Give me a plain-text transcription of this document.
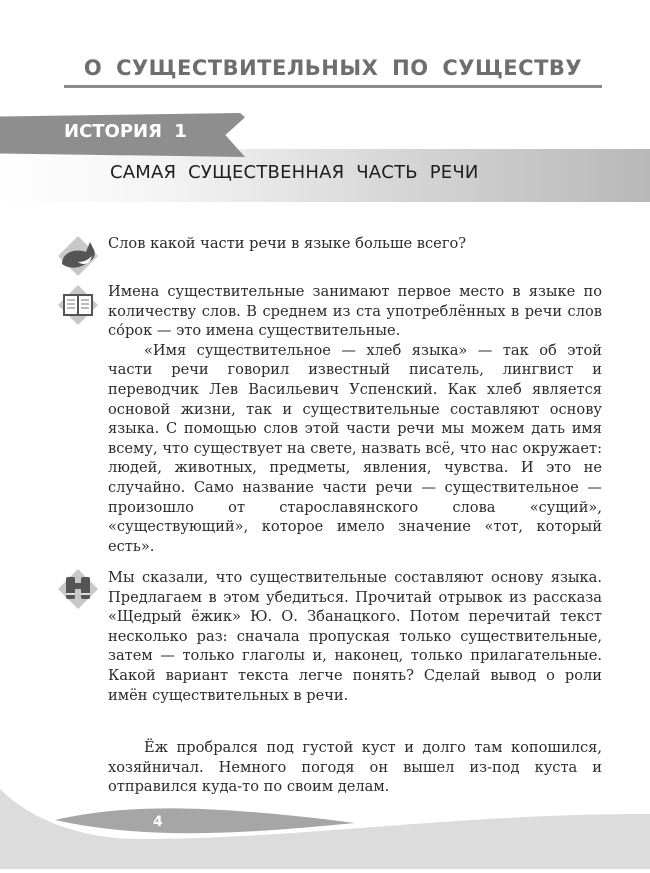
О СУЩЕСТВИТЕЛЬНЫХ ПО СУЩЕСТВУ
ИСТОРИЯ 1
САМАЯ СУЩЕСТВЕННАЯ ЧАСТЬ РЕЧИ

Слов какой части речи в языке больше всего?

Имена существительные занимают первое место в языке по количеству слов. В среднем из ста употреблённых в речи слов со́рок — это имена существительные.

«Имя существительное — хлеб языка» — так об этой части речи говорил известный писатель, лингвист и переводчик Лев Васильевич Успенский. Как хлеб является основой жизни, так и существительные составляют основу языка. С помощью слов этой части речи мы можем дать имя всему, что существует на свете, назвать всё, что нас окружает: людей, животных, предметы, явления, чувства. И это не случайно. Само название части речи — существительное — произошло от старославянского слова «сущий», «существующий», которое имело значение «тот, который есть».

Мы сказали, что существительные составляют основу языка. Предлагаем в этом убедиться. Прочитай отрывок из рассказа «Щедрый ёжик» Ю. О. Збанацкого. Потом перечитай текст несколько раз: сначала пропуская только существительные, затем — только глаголы и, наконец, только прилагательные. Какой вариант текста легче понять? Сделай вывод о роли имён существительных в речи.

Ёж пробрался под густой куст и долго там копошился, хозяйничал. Немного погодя он вышел из-под куста и отправился куда-то по своим делам.

4
